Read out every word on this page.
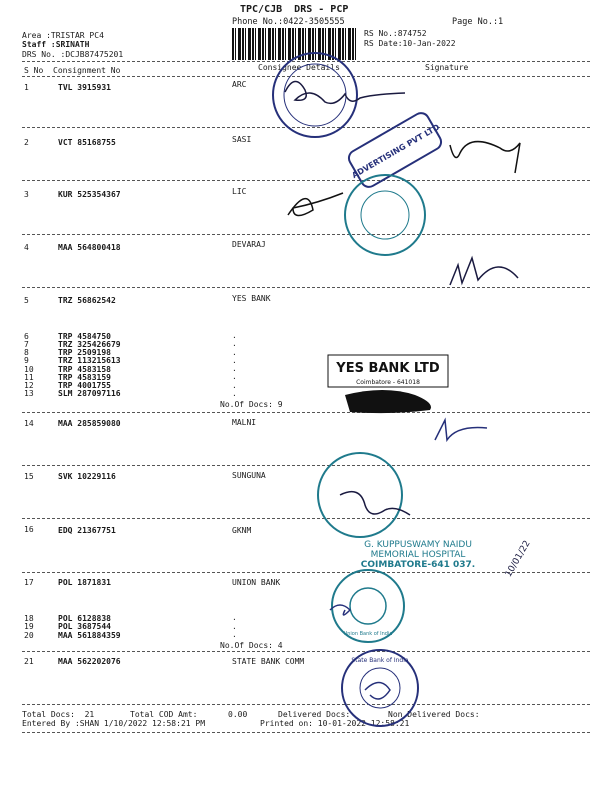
TPC/CJB  DRS - PCP
Phone No.:0422-3505555	Page No.:1
Area :TRISTAR PC4
Staff :SRINATH
DRS No. :DCJB87475201
RS No.:874752
RS Date:10-Jan-2022
S No Consignment No	Consignee Details	Signature
1	TVL 3915931	ARC
2	VCT 85168755	SASI
3	KUR 525354367	LIC
4	MAA 564800418	DEVARAJ
5	TRZ 56862542	YES BANK
6	TRP 4584750	.
7	TRZ 325426679	.
8	TRP 2509198	.
9	TRZ 113215613	.
10	TRP 4583158	.
11	TRP 4583159	.
12	TRP 4001755	.
13	SLM 287097116	.
No.Of Docs: 9
14	MAA 285859080	MALNI
15	SVK 10229116	SUNGUNA
16	EDQ 21367751	GKNM
17	POL 1871831	UNION BANK
18	POL 6128838	.
19	POL 3687544	.
20	MAA 561884359	.
No.Of Docs: 4
21	MAA 562202076	STATE BANK COMM
Total Docs:  21	Total COD Amt:	0.00	Delivered Docs:	Non Delivered Docs:
Entered By :SHAN 1/10/2022 12:58:21 PM	Printed on: 10-01-2022 12:58:21
ADVERTISING PVT LTD
YES BANK LTD
Coimbatore - 641018
G. KUPPUSWAMY NAIDU
MEMORIAL HOSPITAL
COIMBATORE-641 037.	10/01/22
Union Bank of India
State Bank of India
